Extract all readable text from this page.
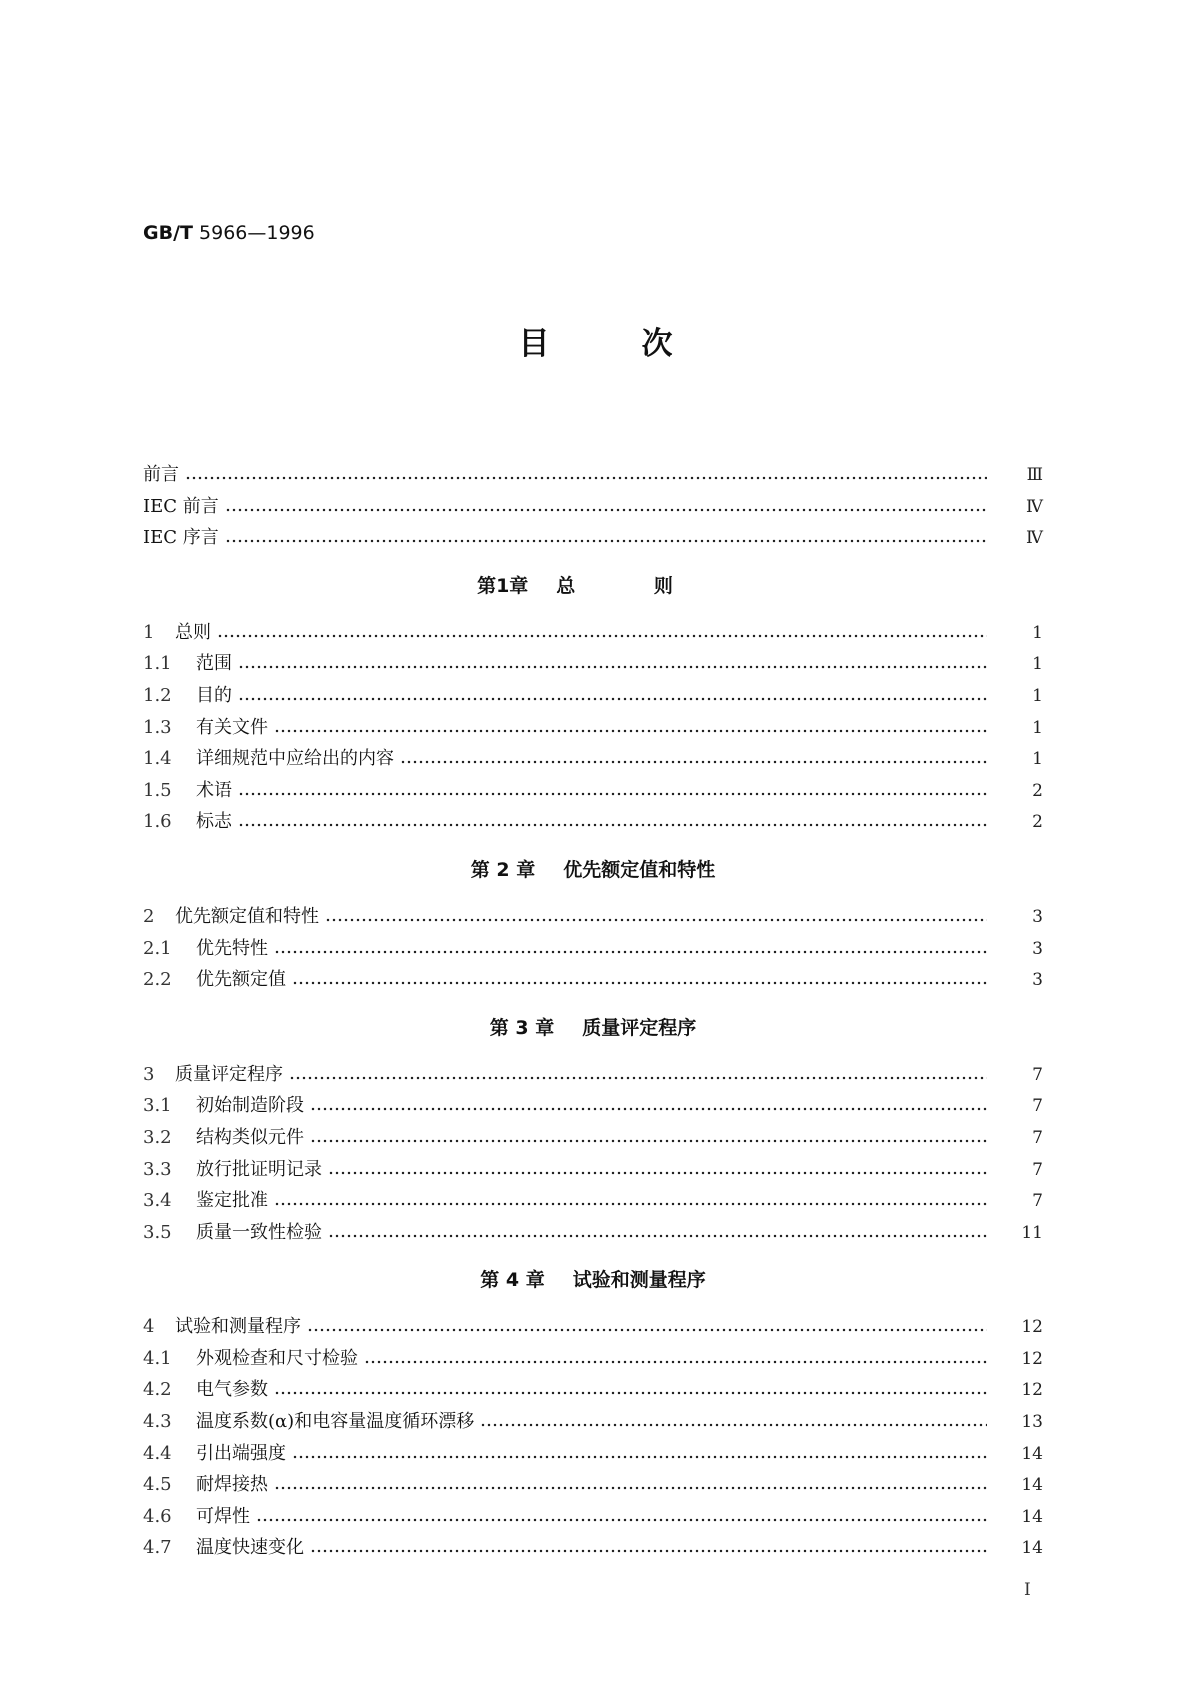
GB/T 5966—1996
目次
前言	Ⅲ
IEC 前言	Ⅳ
IEC 序言	Ⅳ
第1章 总 则
1	总则	1
1.1	范围	1
1.2	目的	1
1.3	有关文件	1
1.4	详细规范中应给出的内容	1
1.5	术语	2
1.6	标志	2
第 2 章 优先额定值和特性
2	优先额定值和特性	3
2.1	优先特性	3
2.2	优先额定值	3
第 3 章 质量评定程序
3	质量评定程序	7
3.1	初始制造阶段	7
3.2	结构类似元件	7
3.3	放行批证明记录	7
3.4	鉴定批准	7
3.5	质量一致性检验	11
第 4 章 试验和测量程序
4	试验和测量程序	12
4.1	外观检查和尺寸检验	12
4.2	电气参数	12
4.3	温度系数(α)和电容量温度循环漂移	13
4.4	引出端强度	14
4.5	耐焊接热	14
4.6	可焊性	14
4.7	温度快速变化	14
I
